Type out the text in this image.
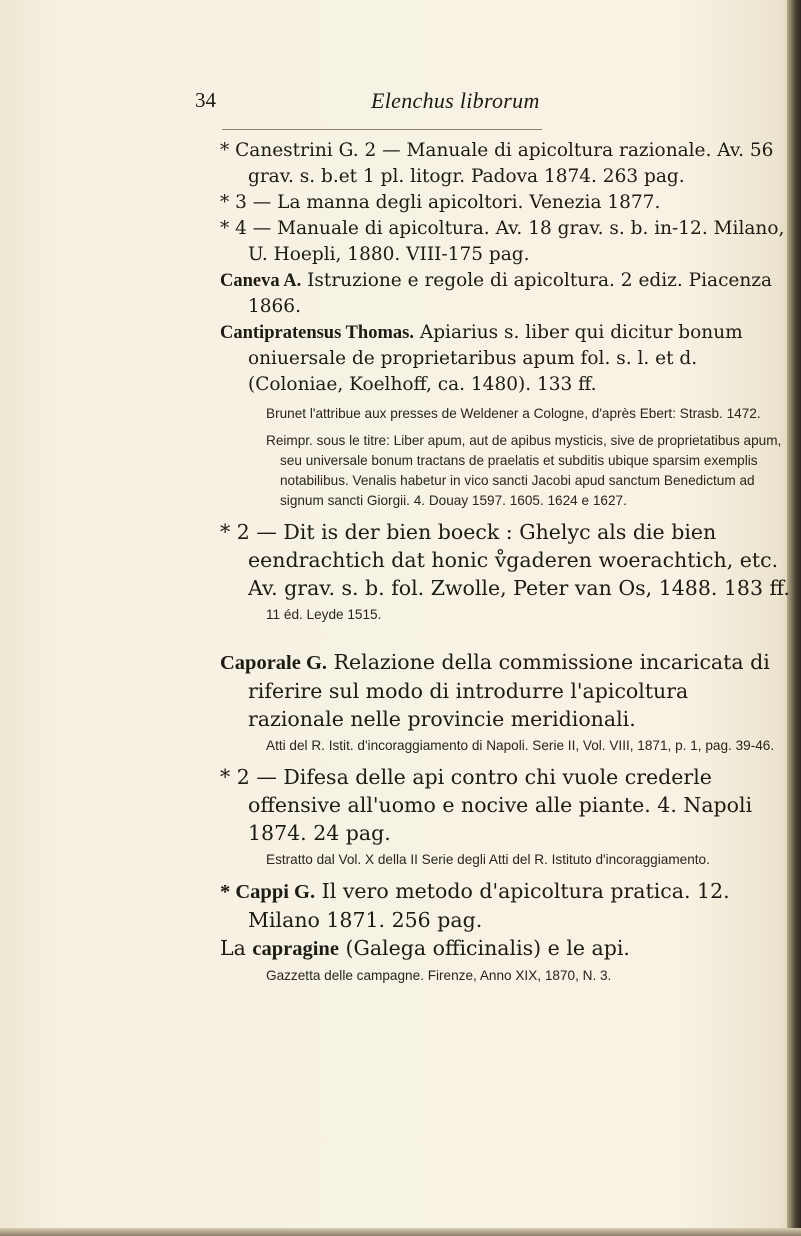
34	Elenchus librorum

* Canestrini G. 2 — Manuale di apicoltura razionale. Av. 56 grav. s. b.et 1 pl. litogr. Padova 1874. 263 pag.

* 3 — La manna degli apicoltori. Venezia 1877.

* 4 — Manuale di apicoltura. Av. 18 grav. s. b. in-12. Milano, U. Hoepli, 1880. VIII-175 pag.

Caneva A. Istruzione e regole di apicoltura. 2 ediz. Piacenza 1866.

Cantipratensus Thomas. Apiarius s. liber qui dicitur bonum oniuersale de proprietaribus apum fol. s. l. et d. (Coloniae, Koelhoff, ca. 1480). 133 ff.

Brunet l'attribue aux presses de Weldener a Cologne, d'après Ebert: Strasb. 1472.

Reimpr. sous le titre: Liber apum, aut de apibus mysticis, sive de proprietatibus apum, seu universale bonum tractans de praelatis et subditis ubique sparsim exemplis notabilibus. Venalis habetur in vico sancti Jacobi apud sanctum Benedictum ad signum sancti Giorgii. 4. Douay 1597. 1605. 1624 e 1627.

* 2 — Dit is der bien boeck : Ghelyc als die bien eendrachtich dat honic v̊gaderen woerachtich, etc. Av. grav. s. b. fol. Zwolle, Peter van Os, 1488. 183 ff.

11 éd. Leyde 1515.

Caporale G. Relazione della commissione incaricata di riferire sul modo di introdurre l'apicoltura razionale nelle provincie meridionali.

Atti del R. Istit. d'incoraggiamento di Napoli. Serie II, Vol. VIII, 1871, p. 1, pag. 39-46.

* 2 — Difesa delle api contro chi vuole crederle offensive all'uomo e nocive alle piante. 4. Napoli 1874. 24 pag.

Estratto dal Vol. X della II Serie degli Atti del R. Istituto d'incoraggiamento.

* Cappi G. Il vero metodo d'apicoltura pratica. 12. Milano 1871. 256 pag.

La capragine (Galega officinalis) e le api.

Gazzetta delle campagne. Firenze, Anno XIX, 1870, N. 3.
